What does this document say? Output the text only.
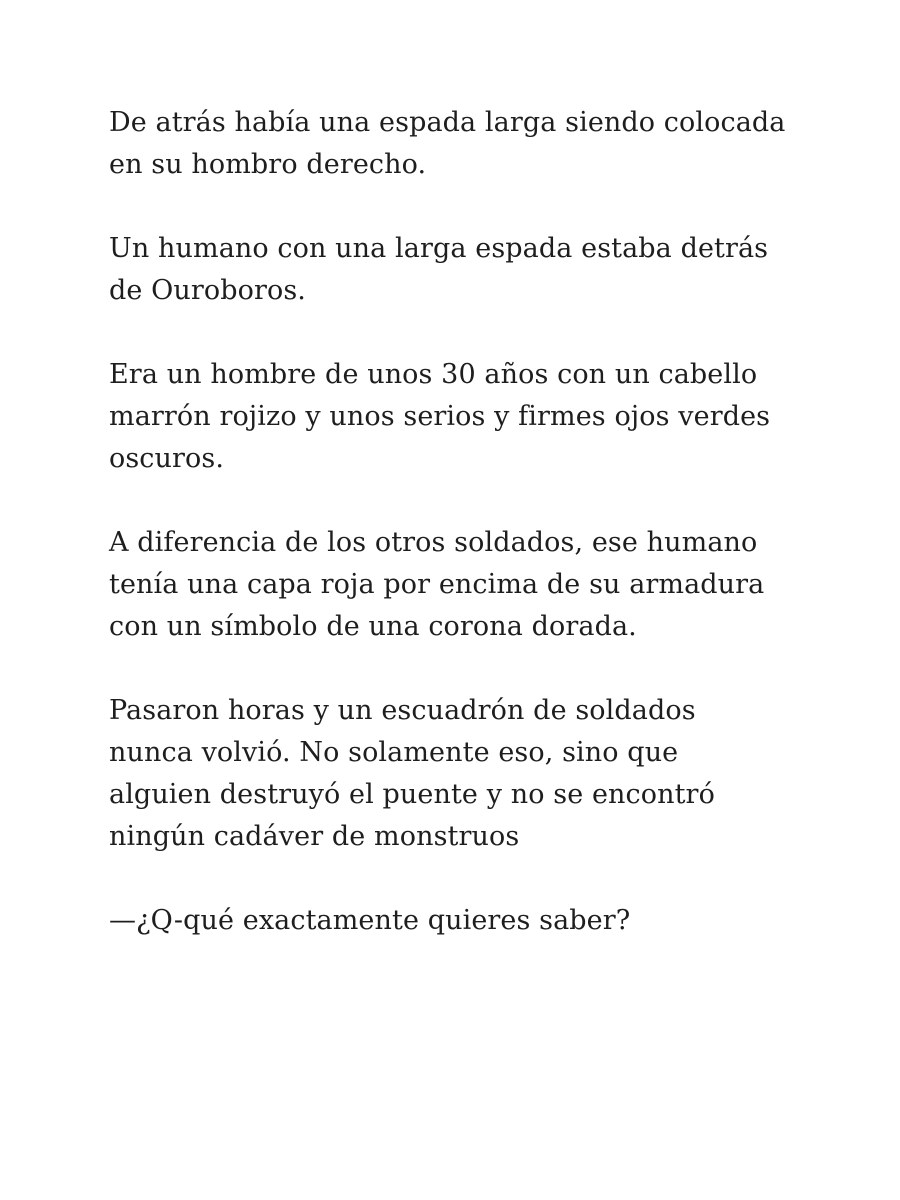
De atrás había una espada larga siendo colocada
en su hombro derecho.

Un humano con una larga espada estaba detrás
de Ouroboros.

Era un hombre de unos 30 años con un cabello
marrón rojizo y unos serios y firmes ojos verdes
oscuros.

A diferencia de los otros soldados, ese humano
tenía una capa roja por encima de su armadura
con un símbolo de una corona dorada.

Pasaron horas y un escuadrón de soldados
nunca volvió. No solamente eso, sino que
alguien destruyó el puente y no se encontró
ningún cadáver de monstruos

—¿Q-qué exactamente quieres saber?
